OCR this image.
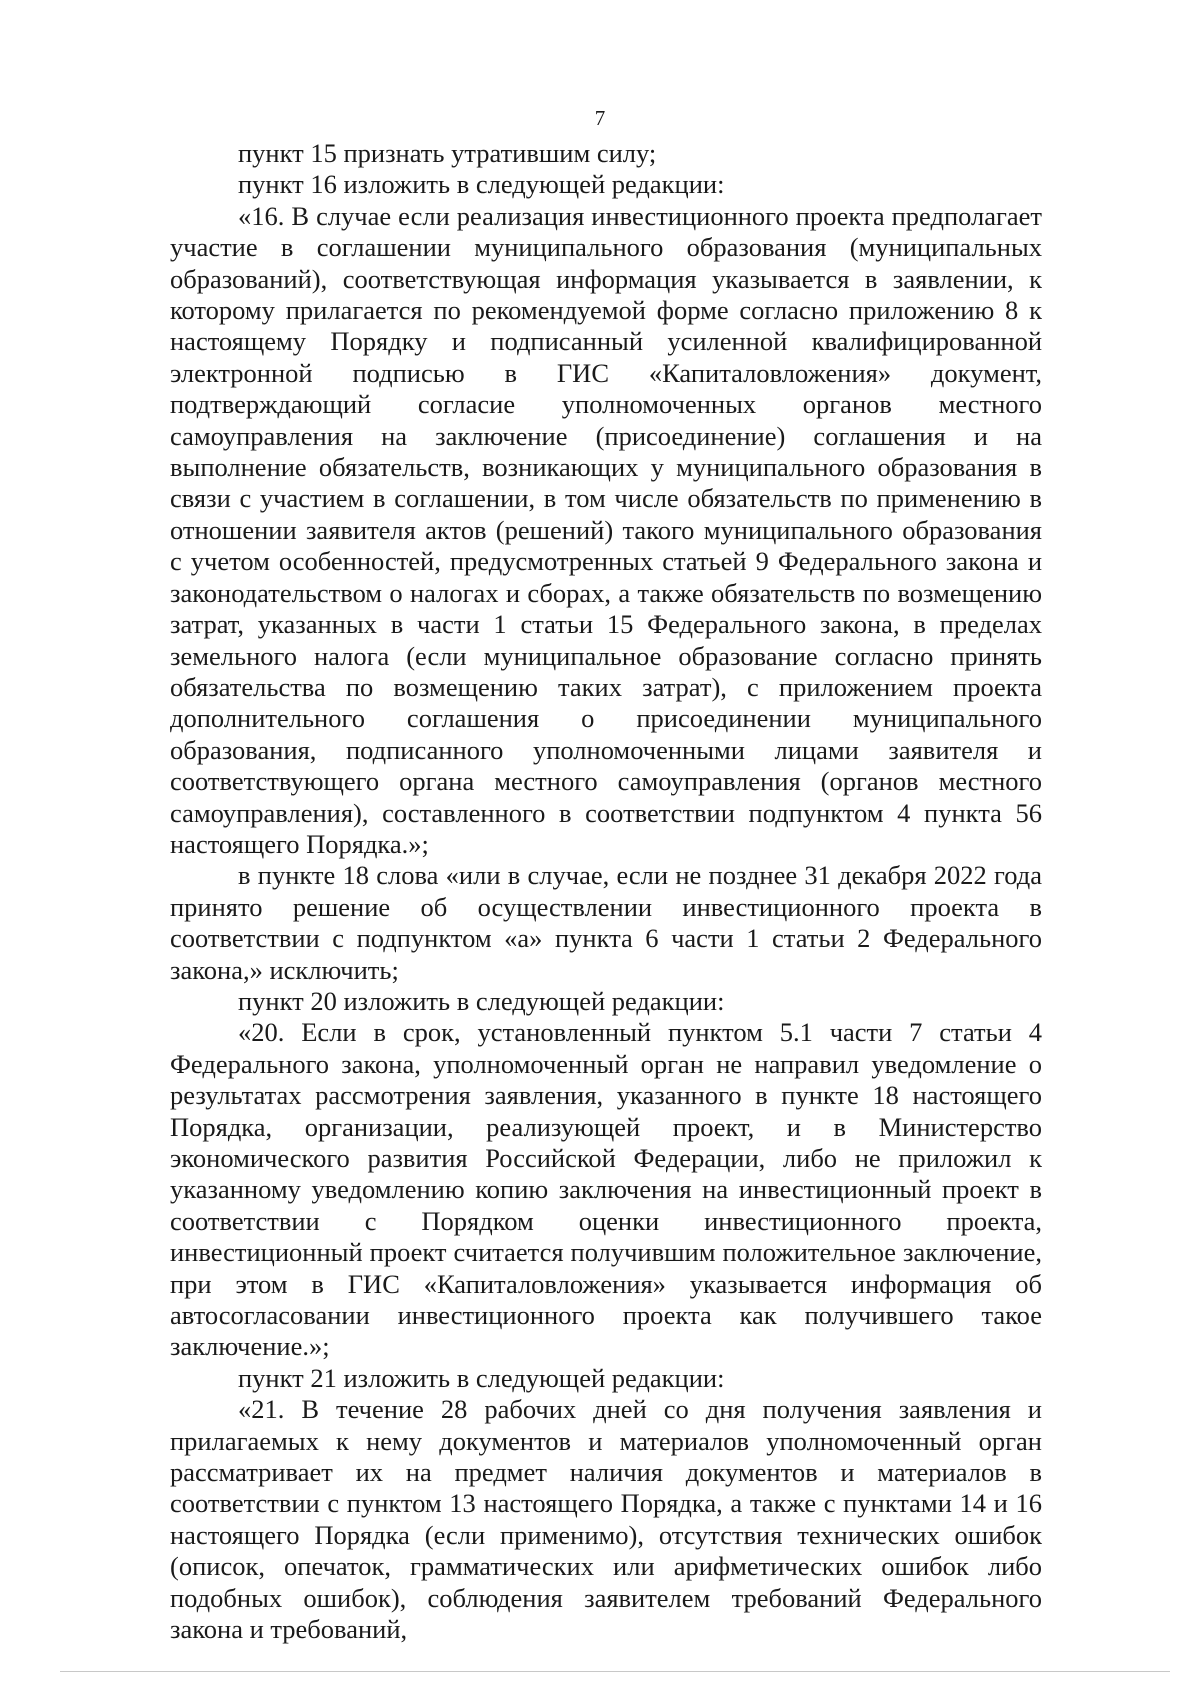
7

пункт 15 признать утратившим силу;

пункт 16 изложить в следующей редакции:

«16. В случае если реализация инвестиционного проекта предполагает участие в соглашении муниципального образования (муниципальных образований), соответствующая информация указывается в заявлении, к которому прилагается по рекомендуемой форме согласно приложению 8 к настоящему Порядку и подписанный усиленной квалифицированной электронной подписью в ГИС «Капиталовложения» документ, подтверждающий согласие уполномоченных органов местного самоуправления на заключение (присоединение) соглашения и на выполнение обязательств, возникающих у муниципального образования в связи с участием в соглашении, в том числе обязательств по применению в отношении заявителя актов (решений) такого муниципального образования с учетом особенностей, предусмотренных статьей 9 Федерального закона и законодательством о налогах и сборах, а также обязательств по возмещению затрат, указанных в части 1 статьи 15 Федерального закона, в пределах земельного налога (если муниципальное образование согласно принять обязательства по возмещению таких затрат), с приложением проекта дополнительного соглашения о присоединении муниципального образования, подписанного уполномоченными лицами заявителя и соответствующего органа местного самоуправления (органов местного самоуправления), составленного в соответствии подпунктом 4 пункта 56 настоящего Порядка.»;

в пункте 18 слова «или в случае, если не позднее 31 декабря 2022 года принято решение об осуществлении инвестиционного проекта в соответствии с подпунктом «а» пункта 6 части 1 статьи 2 Федерального закона,» исключить;

пункт 20 изложить в следующей редакции:

«20. Если в срок, установленный пунктом 5.1 части 7 статьи 4 Федерального закона, уполномоченный орган не направил уведомление о результатах рассмотрения заявления, указанного в пункте 18 настоящего Порядка, организации, реализующей проект, и в Министерство экономического развития Российской Федерации, либо не приложил к указанному уведомлению копию заключения на инвестиционный проект в соответствии с Порядком оценки инвестиционного проекта, инвестиционный проект считается получившим положительное заключение, при этом в ГИС «Капиталовложения» указывается информация об автосогласовании инвестиционного проекта как получившего такое заключение.»;

пункт 21 изложить в следующей редакции:

«21. В течение 28 рабочих дней со дня получения заявления и прилагаемых к нему документов и материалов уполномоченный орган рассматривает их на предмет наличия документов и материалов в соответствии с пунктом 13 настоящего Порядка, а также с пунктами 14 и 16 настоящего Порядка (если применимо), отсутствия технических ошибок (описок, опечаток, грамматических или арифметических ошибок либо подобных ошибок), соблюдения заявителем требований Федерального закона и требований,
